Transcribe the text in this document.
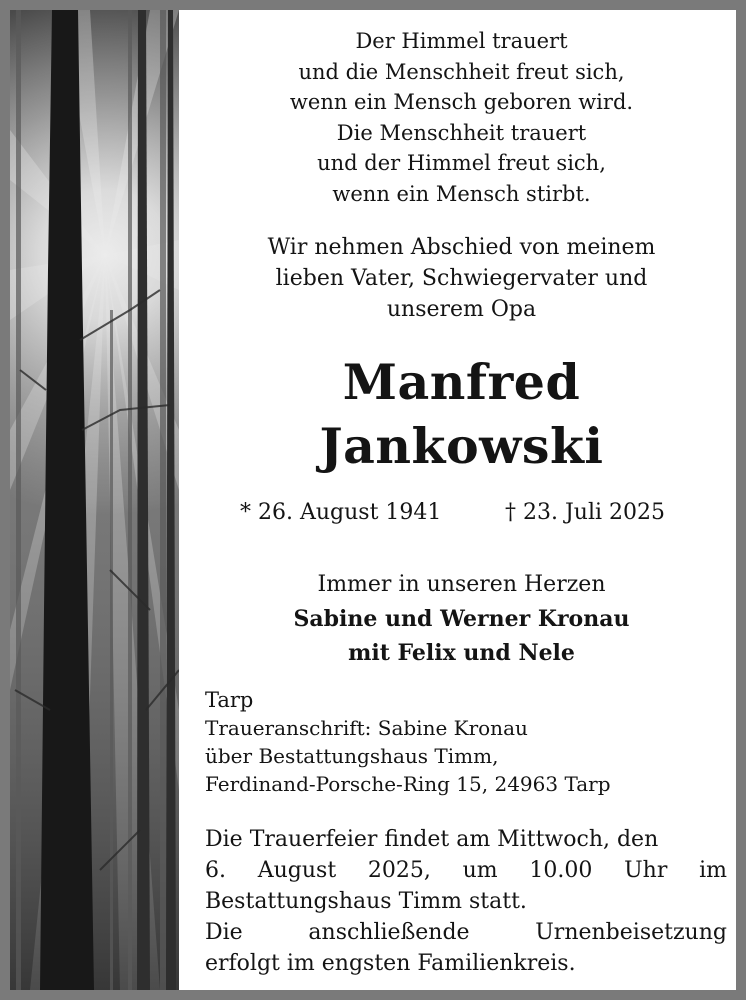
Der Himmel trauert
und die Menschheit freut sich,
wenn ein Mensch geboren wird.
Die Menschheit trauert
und der Himmel freut sich,
wenn ein Mensch stirbt.
Wir nehmen Abschied von meinem
lieben Vater, Schwiegervater und
unserem Opa
Manfred
Jankowski
* 26. August 1941	† 23. Juli 2025
Immer in unseren Herzen
Sabine und Werner Kronau
mit Felix und Nele
Tarp
Traueranschrift: Sabine Kronau
über Bestattungshaus Timm,
Ferdinand-Porsche-Ring 15, 24963 Tarp
Die Trauerfeier findet am Mittwoch, den
6. August 2025, um 10.00 Uhr im
Bestattungshaus Timm statt.
Die	anschließende	Urnenbeisetzung
erfolgt im engsten Familienkreis.
